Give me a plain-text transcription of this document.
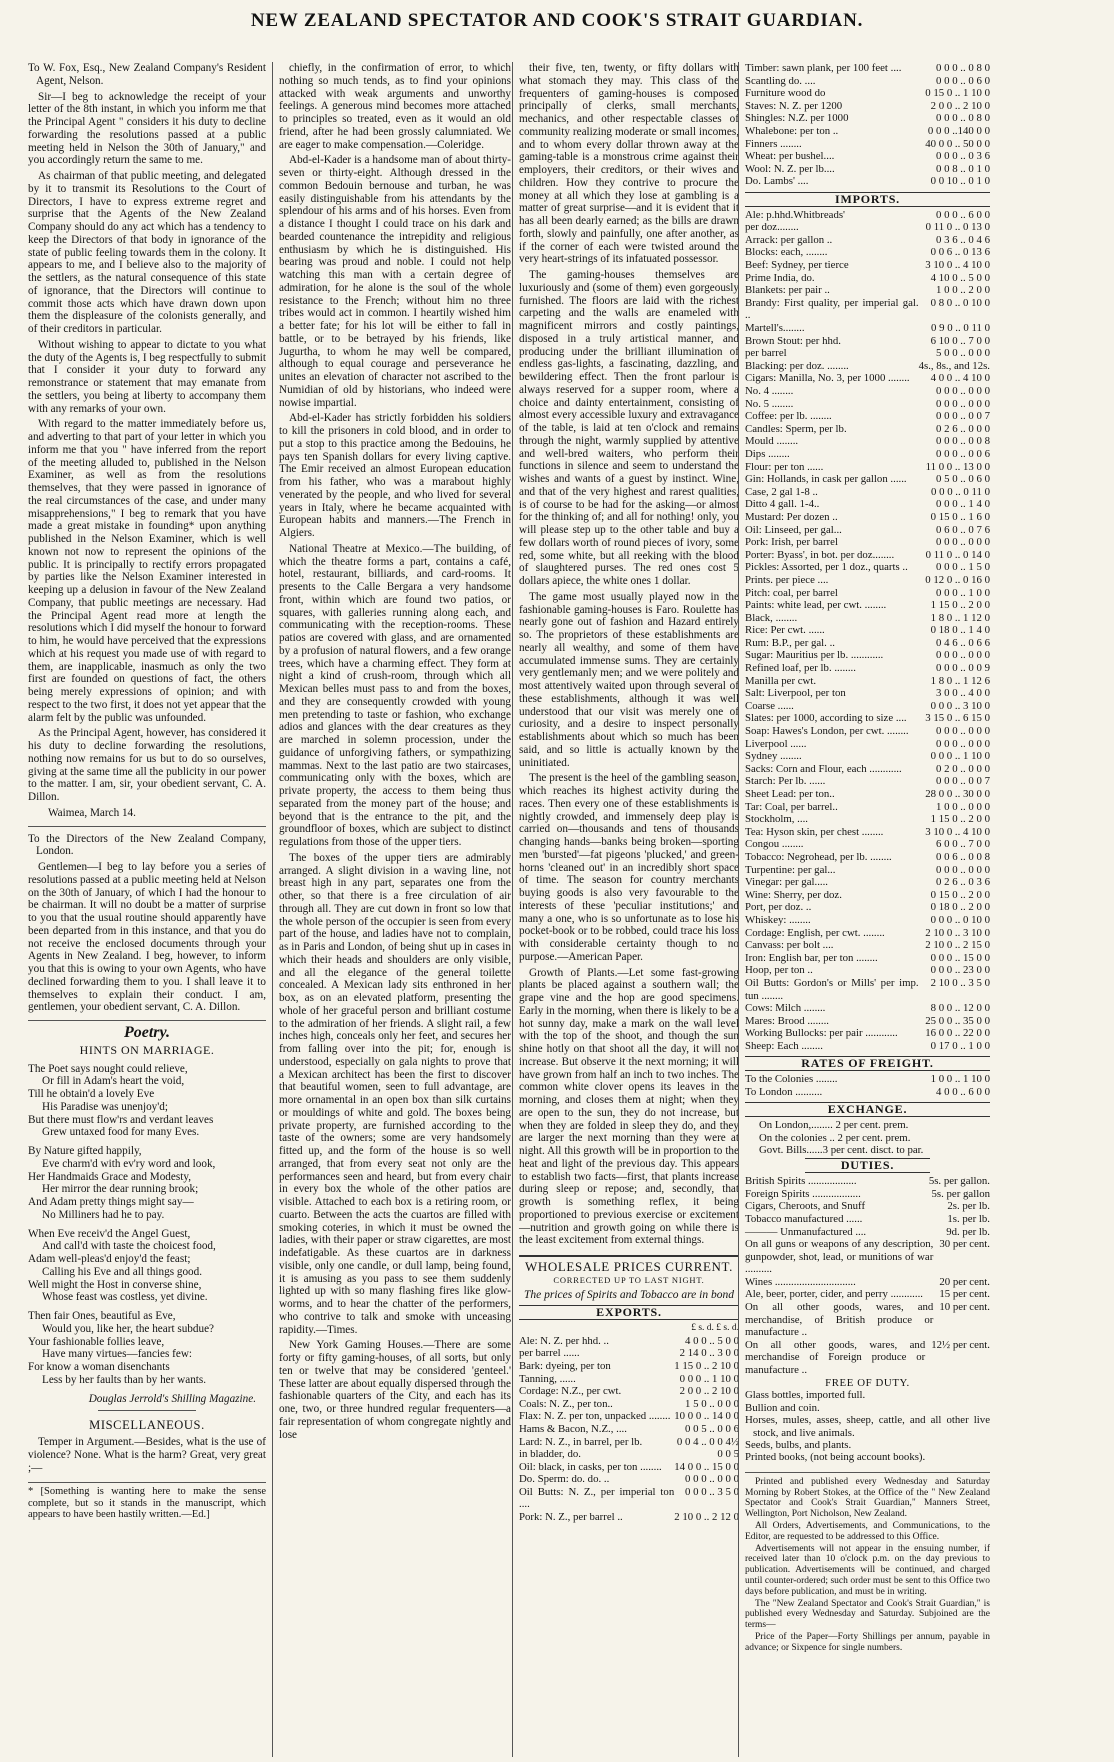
NEW ZEALAND SPECTATOR AND COOK'S STRAIT GUARDIAN.

To W. Fox, Esq., New Zealand Company's Resident Agent, Nelson.

Sir—I beg to acknowledge the receipt of your letter of the 8th instant, in which you inform me that the Principal Agent " considers it his duty to decline forwarding the resolutions passed at a public meeting held in Nelson the 30th of January," and you accordingly return the same to me.

As chairman of that public meeting, and delegated by it to transmit its Resolutions to the Court of Directors, I have to express extreme regret and surprise that the Agents of the New Zealand Company should do any act which has a tendency to keep the Directors of that body in ignorance of the state of public feeling towards them in the colony. It appears to me, and I believe also to the majority of the settlers, as the natural consequence of this state of ignorance, that the Directors will continue to commit those acts which have drawn down upon them the displeasure of the colonists generally, and of their creditors in particular.

Without wishing to appear to dictate to you what the duty of the Agents is, I beg respectfully to submit that I consider it your duty to forward any remonstrance or statement that may emanate from the settlers, you being at liberty to accompany them with any remarks of your own.

With regard to the matter immediately before us, and adverting to that part of your letter in which you inform me that you " have inferred from the report of the meeting alluded to, published in the Nelson Examiner, as well as from the resolutions themselves, that they were passed in ignorance of the real circumstances of the case, and under many misapprehensions," I beg to remark that you have made a great mistake in founding* upon anything published in the Nelson Examiner, which is well known not now to represent the opinions of the public. It is principally to rectify errors propagated by parties like the Nelson Examiner interested in keeping up a delusion in favour of the New Zealand Company, that public meetings are necessary. Had the Principal Agent read more at length the resolutions which I did myself the honour to forward to him, he would have perceived that the expressions which at his request you made use of with regard to them, are inapplicable, inasmuch as only the two first are founded on questions of fact, the others being merely expressions of opinion; and with respect to the two first, it does not yet appear that the alarm felt by the public was unfounded.

As the Principal Agent, however, has considered it his duty to decline forwarding the resolutions, nothing now remains for us but to do so ourselves, giving at the same time all the publicity in our power to the matter. I am, sir, your obedient servant, C. A. Dillon.

Waimea, March 14.

To the Directors of the New Zealand Company, London.

Gentlemen—I beg to lay before you a series of resolutions passed at a public meeting held at Nelson on the 30th of January, of which I had the honour to be chairman. It will no doubt be a matter of surprise to you that the usual routine should apparently have been departed from in this instance, and that you do not receive the enclosed documents through your Agents in New Zealand. I beg, however, to inform you that this is owing to your own Agents, who have declined forwarding them to you. I shall leave it to themselves to explain their conduct. I am, gentlemen, your obedient servant, C. A. Dillon.

Poetry.
HINTS ON MARRIAGE.
The Poet says nought could relieve,
Or fill in Adam's heart the void,
Till he obtain'd a lovely Eve
His Paradise was unenjoy'd;
But there must flow'rs and verdant leaves
Grew untaxed food for many Eves.
By Nature gifted happily,
Eve charm'd with ev'ry word and look,
Her Handmaids Grace and Modesty,
Her mirror the dear running brook;
And Adam pretty things might say—
No Milliners had he to pay.
When Eve receiv'd the Angel Guest,
And call'd with taste the choicest food,
Adam well-pleas'd enjoy'd the feast;
Calling his Eve and all things good.
Well might the Host in converse shine,
Whose feast was costless, yet divine.
Then fair Ones, beautiful as Eve,
Would you, like her, the heart subdue?
Your fashionable follies leave,
Have many virtues—fancies few:
For know a woman disenchants
Less by her faults than by her wants.
Douglas Jerrold's Shilling Magazine.
MISCELLANEOUS.

Temper in Argument.—Besides, what is the use of violence? None. What is the harm? Great, very great ;—

* [Something is wanting here to make the sense complete, but so it stands in the manuscript, which appears to have been hastily written.—Ed.]

chiefly, in the confirmation of error, to which nothing so much tends, as to find your opinions attacked with weak arguments and unworthy feelings. A generous mind becomes more attached to principles so treated, even as it would an old friend, after he had been grossly calumniated. We are eager to make compensation.—Coleridge.

Abd-el-Kader is a handsome man of about thirty-seven or thirty-eight. Although dressed in the common Bedouin bernouse and turban, he was easily distinguishable from his attendants by the splendour of his arms and of his horses. Even from a distance I thought I could trace on his dark and bearded countenance the intrepidity and religious enthusiasm by which he is distinguished. His bearing was proud and noble. I could not help watching this man with a certain degree of admiration, for he alone is the soul of the whole resistance to the French; without him no three tribes would act in common. I heartily wished him a better fate; for his lot will be either to fall in battle, or to be betrayed by his friends, like Jugurtha, to whom he may well be compared, although to equal courage and perseverance he unites an elevation of character not ascribed to the Numidian of old by historians, who indeed were nowise impartial.

Abd-el-Kader has strictly forbidden his soldiers to kill the prisoners in cold blood, and in order to put a stop to this practice among the Bedouins, he pays ten Spanish dollars for every living captive. The Emir received an almost European education from his father, who was a marabout highly venerated by the people, and who lived for several years in Italy, where he became acquainted with European habits and manners.—The French in Algiers.

National Theatre at Mexico.—The building, of which the theatre forms a part, contains a café, hotel, restaurant, billiards, and card-rooms. It presents to the Calle Bergara a very handsome front, within which are found two patios, or squares, with galleries running along each, and communicating with the reception-rooms. These patios are covered with glass, and are ornamented by a profusion of natural flowers, and a few orange trees, which have a charming effect. They form at night a kind of crush-room, through which all Mexican belles must pass to and from the boxes, and they are consequently crowded with young men pretending to taste or fashion, who exchange adios and glances with the dear creatures as they are marched in solemn procession, under the guidance of unforgiving fathers, or sympathizing mammas. Next to the last patio are two staircases, communicating only with the boxes, which are private property, the access to them being thus separated from the money part of the house; and beyond that is the entrance to the pit, and the groundfloor of boxes, which are subject to distinct regulations from those of the upper tiers.

The boxes of the upper tiers are admirably arranged. A slight division in a waving line, not breast high in any part, separates one from the other, so that there is a free circulation of air through all. They are cut down in front so low that the whole person of the occupier is seen from every part of the house, and ladies have not to complain, as in Paris and London, of being shut up in cases in which their heads and shoulders are only visible, and all the elegance of the general toilette concealed. A Mexican lady sits enthroned in her box, as on an elevated platform, presenting the whole of her graceful person and brilliant costume to the admiration of her friends. A slight rail, a few inches high, conceals only her feet, and secures her from falling over into the pit; for, enough is understood, especially on gala nights to prove that a Mexican architect has been the first to discover that beautiful women, seen to full advantage, are more ornamental in an open box than silk curtains or mouldings of white and gold. The boxes being private property, are furnished according to the taste of the owners; some are very handsomely fitted up, and the form of the house is so well arranged, that from every seat not only are the performances seen and heard, but from every chair in every box the whole of the other patios are visible. Attached to each box is a retiring room, or cuarto. Between the acts the cuartos are filled with smoking coteries, in which it must be owned the ladies, with their paper or straw cigarettes, are most indefatigable. As these cuartos are in darkness visible, only one candle, or dull lamp, being found, it is amusing as you pass to see them suddenly lighted up with so many flashing fires like glow-worms, and to hear the chatter of the performers, who contrive to talk and smoke with unceasing rapidity.—Times.

New York Gaming Houses.—There are some forty or fifty gaming-houses, of all sorts, but only ten or twelve that may be considered 'genteel.' These latter are about equally dispersed through the fashionable quarters of the City, and each has its one, two, or three hundred regular frequenters—a fair representation of whom congregate nightly and lose

their five, ten, twenty, or fifty dollars with what stomach they may. This class of the frequenters of gaming-houses is composed principally of clerks, small merchants, mechanics, and other respectable classes of community realizing moderate or small incomes, and to whom every dollar thrown away at the gaming-table is a monstrous crime against their employers, their creditors, or their wives and children. How they contrive to procure the money at all which they lose at gambling is a matter of great surprise—and it is evident that it has all been dearly earned; as the bills are drawn forth, slowly and painfully, one after another, as if the corner of each were twisted around the very heart-strings of its infatuated possessor.

The gaming-houses themselves are luxuriously and (some of them) even gorgeously furnished. The floors are laid with the richest carpeting and the walls are enameled with magnificent mirrors and costly paintings, disposed in a truly artistical manner, and producing under the brilliant illumination of endless gas-lights, a fascinating, dazzling, and bewildering effect. Then the front parlour is always reserved for a supper room, where a choice and dainty entertainment, consisting of almost every accessible luxury and extravagance of the table, is laid at ten o'clock and remains through the night, warmly supplied by attentive and well-bred waiters, who perform their functions in silence and seem to understand the wishes and wants of a guest by instinct. Wine, and that of the very highest and rarest qualities, is of course to be had for the asking—or almost for the thinking of; and all for nothing! only, you will please step up to the other table and buy a few dollars worth of round pieces of ivory, some red, some white, but all reeking with the blood of slaughtered purses. The red ones cost 5 dollars apiece, the white ones 1 dollar.

The game most usually played now in the fashionable gaming-houses is Faro. Roulette has nearly gone out of fashion and Hazard entirely so. The proprietors of these establishments are nearly all wealthy, and some of them have accumulated immense sums. They are certainly very gentlemanly men; and we were politely and most attentively waited upon through several of these establishments, although it was well understood that our visit was merely one of curiosity, and a desire to inspect personally establishments about which so much has been said, and so little is actually known by the uninitiated.

The present is the heel of the gambling season, which reaches its highest activity during the races. Then every one of these establishments is nightly crowded, and immensely deep play is carried on—thousands and tens of thousands changing hands—banks being broken—sporting men 'bursted'—fat pigeons 'plucked,' and green-horns 'cleaned out' in an incredibly short space of time. The season for country merchants buying goods is also very favourable to the interests of these 'peculiar institutions;' and many a one, who is so unfortunate as to lose his pocket-book or to be robbed, could trace his loss with considerable certainty though to no purpose.—American Paper.

Growth of Plants.—Let some fast-growing plants be placed against a southern wall; the grape vine and the hop are good specimens. Early in the morning, when there is likely to be a hot sunny day, make a mark on the wall level with the top of the shoot, and though the sun shine hotly on that shoot all the day, it will not increase. But observe it the next morning; it will have grown from half an inch to two inches. The common white clover opens its leaves in the morning, and closes them at night; when they are open to the sun, they do not increase, but when they are folded in sleep they do, and they are larger the next morning than they were at night. All this growth will be in proportion to the heat and light of the previous day. This appears to establish two facts—first, that plants increase during sleep or repose; and, secondly, that growth is something reflex, it being proportioned to previous exercise or excitement—nutrition and growth going on while there is the least excitement from external things.

WHOLESALE PRICES CURRENT.
CORRECTED UP TO LAST NIGHT.
The prices of Spirits and Tobacco are in bond
EXPORTS.
£ s. d. £ s. d.
Ale: N. Z. per hhd. ..	4 0 0 .. 5 0 0
per barrel ......	2 14 0 .. 3 0 0
Bark: dyeing, per ton	1 15 0 .. 2 10 0
Tanning, ......	0 0 0 .. 1 10 0
Cordage: N.Z., per cwt.	2 0 0 .. 2 10 0
Coals: N. Z., per ton..	1 5 0 .. 0 0 0
Flax: N. Z. per ton, unpacked ........	10 0 0 .. 14 0 0
Hams & Bacon, N.Z., ....	0 0 5 .. 0 0 6
Lard: N. Z., in barrel, per lb.	0 0 4 .. 0 0 4½
in bladder, do.	0 0 5
Oil: black, in casks, per ton ........	14 0 0 .. 15 0 0
Do. Sperm: do. do. ..	0 0 0 .. 0 0 0
Oil Butts: N. Z., per imperial ton ....	0 0 0 .. 3 5 0
Pork: N. Z., per barrel ..	2 10 0 .. 2 12 0
Timber: sawn plank, per 100 feet ....	0 0 0 .. 0 8 0
Scantling do. ....	0 0 0 .. 0 6 0
Furniture wood do	0 15 0 .. 1 10 0
Staves: N. Z. per 1200	2 0 0 .. 2 10 0
Shingles: N.Z. per 1000	0 0 0 .. 0 8 0
Whalebone: per ton ..	0 0 0 ..140 0 0
Finners ........	40 0 0 .. 50 0 0
Wheat: per bushel....	0 0 0 .. 0 3 6
Wool: N. Z. per lb....	0 0 8 .. 0 1 0
Do. Lambs' ....	0 0 10 .. 0 1 0
IMPORTS.
Ale: p.hhd.Whitbreads'	0 0 0 .. 6 0 0
per doz........	0 11 0 .. 0 13 0
Arrack: per gallon ..	0 3 6 .. 0 4 6
Blocks: each, ........	0 0 6 .. 0 13 6
Beef: Sydney, per tierce	3 10 0 .. 4 10 0
Prime India, do.	4 10 0 .. 5 0 0
Blankets: per pair ..	1 0 0 .. 2 0 0
Brandy: First quality, per imperial gal. ..	0 8 0 .. 0 10 0
Martell's........	0 9 0 .. 0 11 0
Brown Stout: per hhd.	6 10 0 .. 7 0 0
per barrel	5 0 0 .. 0 0 0
Blacking: per doz. ........	4s., 8s., and 12s.
Cigars: Manilla, No. 3, per 1000 ........	4 0 0 .. 4 10 0
No. 4 ........	0 0 0 .. 0 0 0
No. 5 ........	0 0 0 .. 0 0 0
Coffee: per lb. ........	0 0 0 .. 0 0 7
Candles: Sperm, per lb.	0 2 6 .. 0 0 0
Mould ........	0 0 0 .. 0 0 8
Dips ........	0 0 0 .. 0 0 6
Flour: per ton ......	11 0 0 .. 13 0 0
Gin: Hollands, in cask per gallon ......	0 5 0 .. 0 6 0
Case, 2 gal 1-8 ..	0 0 0 .. 0 11 0
Ditto 4 gall. 1-4..	0 0 0 .. 1 4 0
Mustard: Per dozen ..	0 15 0 .. 1 6 0
Oil: Linseed, per gal...	0 6 0 .. 0 7 6
Pork: Irish, per barrel	0 0 0 .. 0 0 0
Porter: Byass', in bot. per doz........	0 11 0 .. 0 14 0
Pickles: Assorted, per 1 doz., quarts ..	0 0 0 .. 1 5 0
Prints. per piece ....	0 12 0 .. 0 16 0
Pitch: coal, per barrel	0 0 0 .. 1 0 0
Paints: white lead, per cwt. ........	1 15 0 .. 2 0 0
Black, ........	1 8 0 .. 1 12 0
Rice: Per cwt. ......	0 18 0 .. 1 4 0
Rum: B.P., per gal. ..	0 4 6 .. 0 6 6
Sugar: Mauritius per lb. ............	0 0 0 .. 0 0 0
Refined loaf, per lb. ........	0 0 0 .. 0 0 9
Manilla per cwt.	1 8 0 .. 1 12 6
Salt: Liverpool, per ton	3 0 0 .. 4 0 0
Coarse ......	0 0 0 .. 3 10 0
Slates: per 1000, according to size ....	3 15 0 .. 6 15 0
Soap: Hawes's London, per cwt. ........	0 0 0 .. 0 0 0
Liverpool ......	0 0 0 .. 0 0 0
Sydney ........	0 0 0 .. 1 10 0
Sacks: Corn and Flour, each ............	0 2 0 .. 0 0 0
Starch: Per lb. ......	0 0 0 .. 0 0 7
Sheet Lead: per ton..	28 0 0 .. 30 0 0
Tar: Coal, per barrel..	1 0 0 .. 0 0 0
Stockholm, ....	1 15 0 .. 2 0 0
Tea: Hyson skin, per chest ........	3 10 0 .. 4 10 0
Congou ........	6 0 0 .. 7 0 0
Tobacco: Negrohead, per lb. ........	0 0 6 .. 0 0 8
Turpentine: per gal...	0 0 0 .. 0 0 0
Vinegar: per gal.....	0 2 6 .. 0 3 6
Wine: Sherry, per doz.	0 15 0 .. 2 0 0
Port, per doz. ..	0 18 0 .. 2 0 0
Whiskey: ........	0 0 0 .. 0 10 0
Cordage: English, per cwt. ........	2 10 0 .. 3 10 0
Canvass: per bolt ....	2 10 0 .. 2 15 0
Iron: English bar, per ton ........	0 0 0 .. 15 0 0
Hoop, per ton ..	0 0 0 .. 23 0 0
Oil Butts: Gordon's or Mills' per imp. tun ........	2 10 0 .. 3 5 0
Cows: Milch ........	8 0 0 .. 12 0 0
Mares: Brood ........	25 0 0 .. 35 0 0
Working Bullocks: per pair ............	16 0 0 .. 22 0 0
Sheep: Each ........	0 17 0 .. 1 0 0
RATES OF FREIGHT.
To the Colonies ........	1 0 0 .. 1 10 0
To London ..........	4 0 0 .. 6 0 0
EXCHANGE.
On London,........ 2 per cent. prem.
On the colonies .. 2 per cent. prem.
Govt. Bills......3 per cent. disct. to par.
DUTIES.
British Spirits ..................	5s. per gallon.
Foreign Spirits ..................	5s. per gallon
Cigars, Cheroots, and Snuff	2s. per lb.
Tobacco manufactured ......	1s. per lb.
——— Unmanufactured ....	9d. per lb.
On all guns or weapons of any description, gunpowder, shot, lead, or munitions of war ..........
30 per cent.
Wines ..............................	20 per cent.
Ale, beer, porter, cider, and perry ............	15 per cent.
On all other goods, wares, and merchandise, of British produce or manufacture ..
10 per cent.
On all other goods, wares, and merchandise of Foreign produce or manufacture ..
12½ per cent.
FREE OF DUTY.
Glass bottles, imported full.
Bullion and coin.
Horses, mules, asses, sheep, cattle, and all other live stock, and live animals.
Seeds, bulbs, and plants.
Printed books, (not being account books).

Printed and published every Wednesday and Saturday Morning by Robert Stokes, at the Office of the " New Zealand Spectator and Cook's Strait Guardian," Manners Street, Wellington, Port Nicholson, New Zealand.

All Orders, Advertisements, and Communications, to the Editor, are requested to be addressed to this Office.

Advertisements will not appear in the ensuing number, if received later than 10 o'clock p.m. on the day previous to publication. Advertisements will be continued, and charged until counter-ordered; such order must be sent to this Office two days before publication, and must be in writing.

The "New Zealand Spectator and Cook's Strait Guardian," is published every Wednesday and Saturday. Subjoined are the terms—

Price of the Paper—Forty Shillings per annum, payable in advance; or Sixpence for single numbers.
